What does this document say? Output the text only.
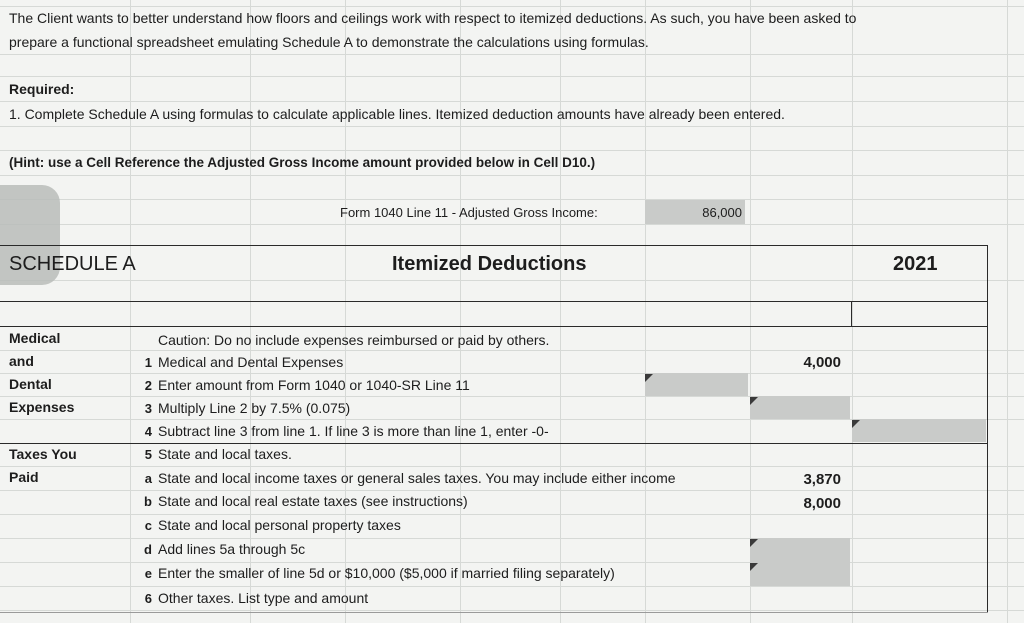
The Client wants to better understand how floors and ceilings work with respect to itemized deductions. As such, you have been asked to
prepare a functional spreadsheet emulating Schedule A to demonstrate the calculations using formulas.
Required:
1. Complete Schedule A using formulas to calculate applicable lines. Itemized deduction amounts have already been entered.
(Hint: use a Cell Reference the Adjusted Gross Income amount provided below in Cell D10.)
Form 1040 Line 11 - Adjusted Gross Income:	86,000
SCHEDULE A	Itemized Deductions	2021
Medical
and
Dental
Expenses
Taxes You
Paid
Caution: Do no include expenses reimbursed or paid by others.
1 Medical and Dental Expenses	4,000
2 Enter amount from Form 1040 or 1040-SR Line 11
3 Multiply Line 2 by 7.5% (0.075)
4 Subtract line 3 from line 1. If line 3 is more than line 1, enter -0-
5 State and local taxes.
a State and local income taxes or general sales taxes. You may include either income	3,870
b State and local real estate taxes (see instructions)	8,000
c State and local personal property taxes
d Add lines 5a through 5c
e Enter the smaller of line 5d or $10,000 ($5,000 if married filing separately)
6 Other taxes. List type and amount
